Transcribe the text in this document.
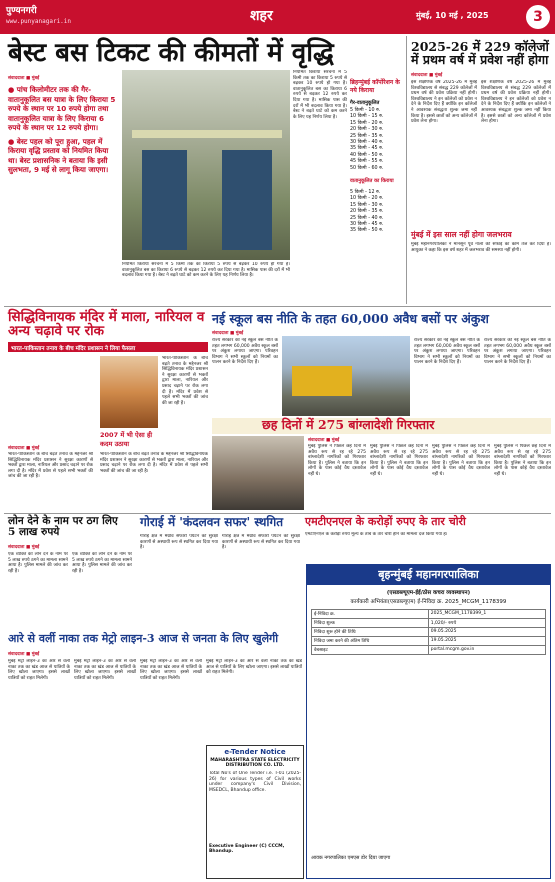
पुण्यनगरी
www.punyanagari.in	शहर	मुंबई, 10 मई , 2025	3
बेस्ट बस टिकट की कीमतों में वृद्धि
संवाददाता ■ मुंबई
● पांच किलोमीटर तक की गैर-वातानुकूलित बस यात्रा के लिए किराया 5 रुपये के स्थान पर 10 रुपये होगा तथा वातानुकूलित यात्रा के लिए किराया 6 रुपये के स्थान पर 12 रुपये होगा।
● बेस्ट पहल को पूरा हुआ, पहल में किराया वृद्धि प्रस्ताव को नियमित किया था। बेस्ट प्रशासनिक ने बताया कि इसी सुलभता, 9 मई से लागू किया जाएगा।
नियमित किराया संरचना में 5 किमी तक का किराया 5 रुपये से बढ़कर 10 रुपये हो गया है। वातानुकूलित बस का किराया 6 रुपये से बढ़कर 12 रुपये कर दिया गया है। मासिक पास की दरों में भी बदलाव किया गया है। बेस्ट ने बढ़ते घाटे को कम करने के लिए यह निर्णय लिया है।
नियमित किराया संरचना में 5 किमी तक का किराया 5 रुपये से बढ़कर 10 रुपये हो गया है। वातानुकूलित बस का किराया 6 रुपये से बढ़कर 12 रुपये कर दिया गया है। मासिक पास की दरों में भी बदलाव किया गया है। बेस्ट ने बढ़ते घाटे को कम करने के लिए यह निर्णय लिया है।
ब्रिहन्मुंबई कॉर्पोरेशन के नये किराया
गैर-वातानुकूलित
5 किमी - 10 रु.
10 किमी - 15 रु.
15 किमी - 20 रु.
20 किमी - 30 रु.
25 किमी - 35 रु.
30 किमी - 40 रु.
35 किमी - 45 रु.
40 किमी - 50 रु.
45 किमी - 55 रु.
50 किमी - 60 रु.
वातानुकूलित का किराया
5 किमी - 12 रु.
10 किमी - 20 रु.
15 किमी - 30 रु.
20 किमी - 35 रु.
25 किमी - 40 रु.
30 किमी - 45 रु.
35 किमी - 50 रु.
2025-26 में 229 कॉलेजों में प्रथम वर्ष में प्रवेश नहीं होगा
संवाददाता ■ मुंबई
इस शैक्षणिक वर्ष 2025-26 में मुंबई विश्वविद्यालय से संबद्ध 229 कॉलेजों में प्रथम वर्ष की प्रवेश प्रक्रिया नहीं होगी। विश्वविद्यालय ने इन कॉलेजों को प्रवेश न देने के निर्देश दिए हैं क्योंकि इन कॉलेजों ने आवश्यक संबद्धता शुल्क जमा नहीं किया है। इससे छात्रों को अन्य कॉलेजों में प्रवेश लेना होगा।
इस शैक्षणिक वर्ष 2025-26 में मुंबई विश्वविद्यालय से संबद्ध 229 कॉलेजों में प्रथम वर्ष की प्रवेश प्रक्रिया नहीं होगी। विश्वविद्यालय ने इन कॉलेजों को प्रवेश न देने के निर्देश दिए हैं क्योंकि इन कॉलेजों ने आवश्यक संबद्धता शुल्क जमा नहीं किया है। इससे छात्रों को अन्य कॉलेजों में प्रवेश लेना होगा।
मुंबई में इस साल नहीं होगा जलभराव
मुंबई महानगरपालिका ने मानसून पूर्व नालों की सफाई का काम तेज कर दिया है। आयुक्त ने कहा कि इस वर्ष शहर में जलभराव की समस्या नहीं होगी।
सिद्धिविनायक मंदिर में माला, नारियल व अन्य चढ़ावे पर रोक
भारत-पाकिस्तान तनाव के बीच मंदिर प्रशासन ने लिया फैसला
संवाददाता ■ मुंबई
भारत-पाकिस्तान के बीच बढ़ते तनाव के मद्देनजर श्री सिद्धिविनायक मंदिर प्रशासन ने सुरक्षा कारणों से भक्तों द्वारा माला, नारियल और प्रसाद चढ़ाने पर रोक लगा दी है। मंदिर में प्रवेश से पहले सभी भक्तों की जांच की जा रही है।
2007 में भी ऐसा ही कदम उठाया
भारत-पाकिस्तान के बीच बढ़ते तनाव के मद्देनजर श्री सिद्धिविनायक मंदिर प्रशासन ने सुरक्षा कारणों से भक्तों द्वारा माला, नारियल और प्रसाद चढ़ाने पर रोक लगा दी है। मंदिर में प्रवेश से पहले सभी भक्तों की जांच की जा रही है।
भारत-पाकिस्तान के बीच बढ़ते तनाव के मद्देनजर श्री सिद्धिविनायक मंदिर प्रशासन ने सुरक्षा कारणों से भक्तों द्वारा माला, नारियल और प्रसाद चढ़ाने पर रोक लगा दी है। मंदिर में प्रवेश से पहले सभी भक्तों की जांच की जा रही है।
नई स्कूल बस नीति के तहत 60,000 अवैध बसों पर अंकुश
संवाददाता ■ मुंबई
राज्य सरकार की नई स्कूल बस नीति के तहत लगभग 60,000 अवैध स्कूल बसों पर अंकुश लगाया जाएगा। परिवहन विभाग ने सभी स्कूलों को नियमों का पालन करने के निर्देश दिए हैं।
राज्य सरकार की नई स्कूल बस नीति के तहत लगभग 60,000 अवैध स्कूल बसों पर अंकुश लगाया जाएगा। परिवहन विभाग ने सभी स्कूलों को नियमों का पालन करने के निर्देश दिए हैं।
राज्य सरकार की नई स्कूल बस नीति के तहत लगभग 60,000 अवैध स्कूल बसों पर अंकुश लगाया जाएगा। परिवहन विभाग ने सभी स्कूलों को नियमों का पालन करने के निर्देश दिए हैं।
छह दिनों में 275 बांग्लादेशी गिरफ्तार
संवाददाता ■ मुंबई
मुंबई पुलिस ने पिछले छह दिनों में अवैध रूप से रह रहे 275 बांग्लादेशी नागरिकों को गिरफ्तार किया है। पुलिस ने बताया कि इन लोगों के पास कोई वैध दस्तावेज नहीं थे।
मुंबई पुलिस ने पिछले छह दिनों में अवैध रूप से रह रहे 275 बांग्लादेशी नागरिकों को गिरफ्तार किया है। पुलिस ने बताया कि इन लोगों के पास कोई वैध दस्तावेज नहीं थे।
मुंबई पुलिस ने पिछले छह दिनों में अवैध रूप से रह रहे 275 बांग्लादेशी नागरिकों को गिरफ्तार किया है। पुलिस ने बताया कि इन लोगों के पास कोई वैध दस्तावेज नहीं थे।
मुंबई पुलिस ने पिछले छह दिनों में अवैध रूप से रह रहे 275 बांग्लादेशी नागरिकों को गिरफ्तार किया है। पुलिस ने बताया कि इन लोगों के पास कोई वैध दस्तावेज नहीं थे।
लोन देने के नाम पर ठग लिए 5 लाख रुपये
संवाददाता ■ मुंबई
एक व्यक्ति को लोन देने के नाम पर 5 लाख रुपये ठगने का मामला सामने आया है। पुलिस मामले की जांच कर रही है।
एक व्यक्ति को लोन देने के नाम पर 5 लाख रुपये ठगने का मामला सामने आया है। पुलिस मामले की जांच कर रही है।
गोराई में 'कंदलवन सफर' स्थगित
गोराई क्षेत्र में मैंग्रोव सफारी पर्यटन को सुरक्षा कारणों से अस्थायी रूप से स्थगित कर दिया गया है।
गोराई क्षेत्र में मैंग्रोव सफारी पर्यटन को सुरक्षा कारणों से अस्थायी रूप से स्थगित कर दिया गया है।
एमटीएनएल के करोड़ों रुपए के तार चोरी
एमटीएनएल के करोड़ों रुपये मूल्य के तांबे के तार चोरी होने का मामला दर्ज किया गया है।
आरे से वर्ली नाका तक मेट्रो लाइन-3 आज से जनता के लिए खुलेगी
संवाददाता ■ मुंबई
मुंबई मेट्रो लाइन-3 का आरे से वर्ली नाका तक का खंड आज से यात्रियों के लिए खोला जाएगा। इससे लाखों यात्रियों को राहत मिलेगी।
मुंबई मेट्रो लाइन-3 का आरे से वर्ली नाका तक का खंड आज से यात्रियों के लिए खोला जाएगा। इससे लाखों यात्रियों को राहत मिलेगी।
मुंबई मेट्रो लाइन-3 का आरे से वर्ली नाका तक का खंड आज से यात्रियों के लिए खोला जाएगा। इससे लाखों यात्रियों को राहत मिलेगी।
मुंबई मेट्रो लाइन-3 का आरे से वर्ली नाका तक का खंड आज से यात्रियों के लिए खोला जाएगा। इससे लाखों यात्रियों को राहत मिलेगी।
e-Tender Notice
MAHARASHTRA STATE ELECTRICITY DISTRIBUTION CO. LTD.
Total No's of One Tender i.e. T-01 (2025-26) for various types of Civil works under company's Civil Division, MSEDCL, Bhandup office.
Executive Engineer (C) CCCM, Bhandup.
बृहन्मुंबई महानगरपालिका
(एसडब्ल्यूएम-ईई/ठोस कचरा व्यवस्थापन)
कार्यकारी अभियंता(एसडब्ल्यूएम) ई-निविदा क्र. 2025_MCGM_1178399
ई-निविदा क्र.	2025_MCGM_1178399_1
निविदा शुल्क	1,020/- रुपये
निविदा शुरू होने की तिथि	09.05.2025
निविदा जमा करने की अंतिम तिथि	19.05.2025
वेबसाइट	portal.mcgm.gov.in
आवक नगरपालिका एमएस डोर दिया जाएगा
